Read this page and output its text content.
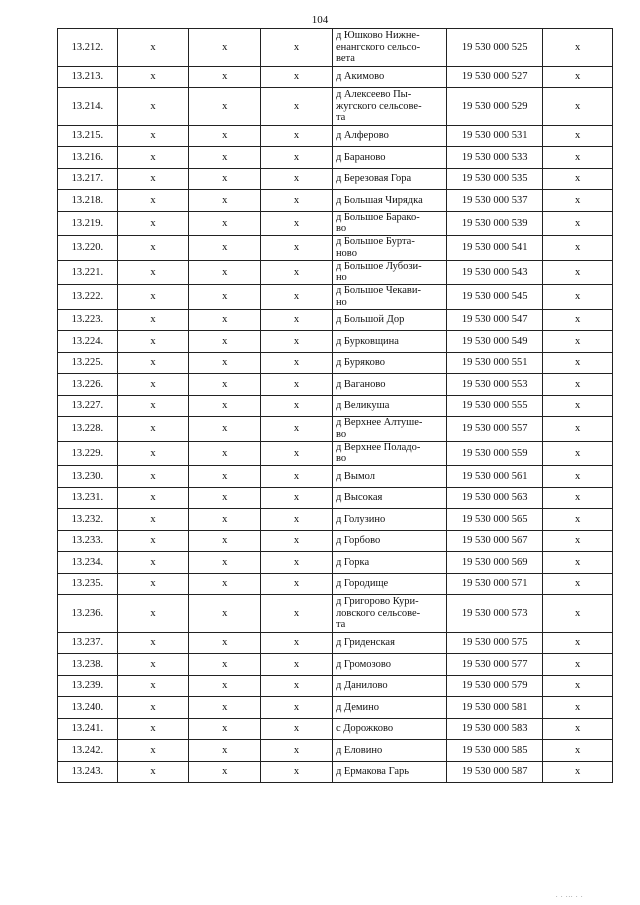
104
13.212.	x	x	x	д Юшково Нижне-
енангского сельсо-
вета	19 530 000 525	x
13.213.	x	x	x	д Акимово	19 530 000 527	x
13.214.	x	x	x	д Алексеево Пы-
жугского сельсове-
та	19 530 000 529	x
13.215.	x	x	x	д Алферово	19 530 000 531	x
13.216.	x	x	x	д Бараново	19 530 000 533	x
13.217.	x	x	x	д Березовая Гора	19 530 000 535	x
13.218.	x	x	x	д Большая Чирядка	19 530 000 537	x
13.219.	x	x	x	д Большое Барако-
во	19 530 000 539	x
13.220.	x	x	x	д Большое Бурта-
ново	19 530 000 541	x
13.221.	x	x	x	д Большое Лубози-
но	19 530 000 543	x
13.222.	x	x	x	д Большое Чекави-
но	19 530 000 545	x
13.223.	x	x	x	д Большой Дор	19 530 000 547	x
13.224.	x	x	x	д Бурковщина	19 530 000 549	x
13.225.	x	x	x	д Буряково	19 530 000 551	x
13.226.	x	x	x	д Ваганово	19 530 000 553	x
13.227.	x	x	x	д Великуша	19 530 000 555	x
13.228.	x	x	x	д Верхнее Алтуше-
во	19 530 000 557	x
13.229.	x	x	x	д Верхнее Поладо-
во	19 530 000 559	x
13.230.	x	x	x	д Вымол	19 530 000 561	x
13.231.	x	x	x	д Высокая	19 530 000 563	x
13.232.	x	x	x	д Голузино	19 530 000 565	x
13.233.	x	x	x	д Горбово	19 530 000 567	x
13.234.	x	x	x	д Горка	19 530 000 569	x
13.235.	x	x	x	д Городище	19 530 000 571	x
13.236.	x	x	x	д Григорово Кури-
ловского сельсове-
та	19 530 000 573	x
13.237.	x	x	x	д Гриденская	19 530 000 575	x
13.238.	x	x	x	д Громозово	19 530 000 577	x
13.239.	x	x	x	д Данилово	19 530 000 579	x
13.240.	x	x	x	д Демино	19 530 000 581	x
13.241.	x	x	x	с Дорожково	19 530 000 583	x
13.242.	x	x	x	д Еловино	19 530 000 585	x
13.243.	x	x	x	д Ермакова Гарь	19 530 000 587	x
. . ... . .
